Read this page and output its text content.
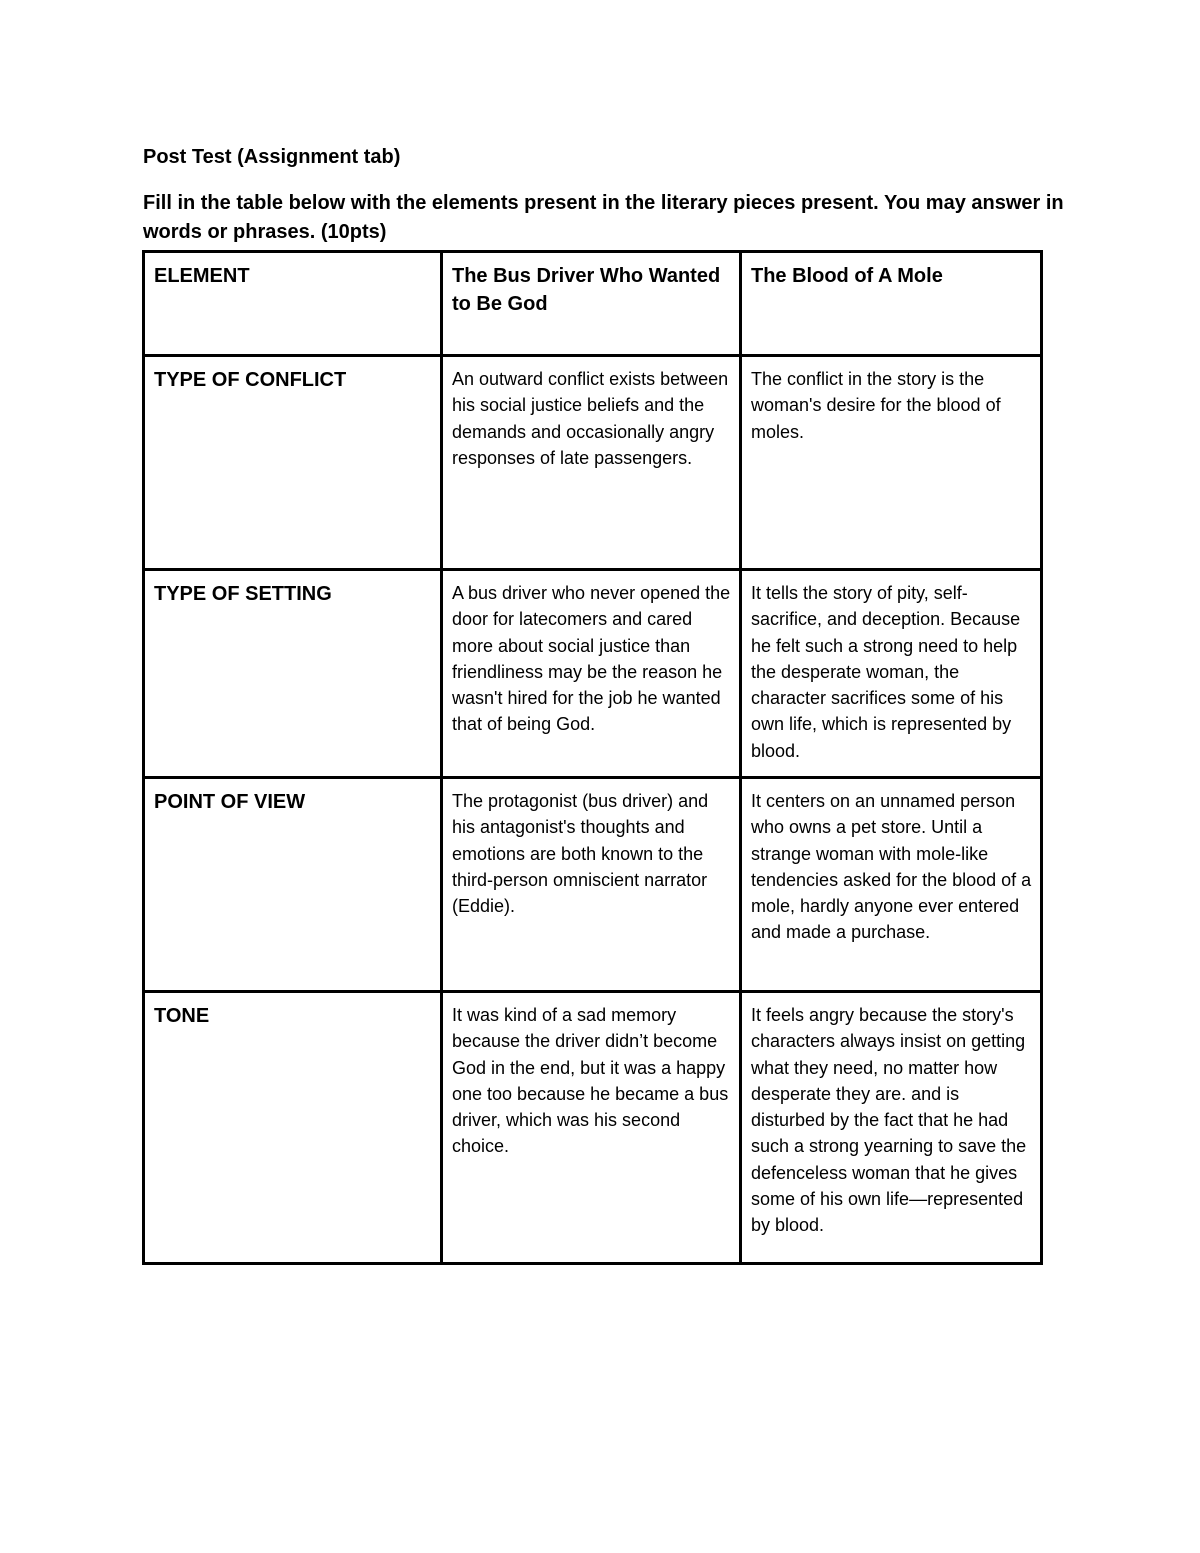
Post Test (Assignment tab)
Fill in the table below with the elements present in the literary pieces present. You may answer in words or phrases. (10pts)
ELEMENT	The Bus Driver Who Wanted to Be God	The Blood of A Mole
TYPE OF CONFLICT	An outward conflict exists between his social justice beliefs and the demands and occasionally angry responses of late passengers.	The conflict in the story is the woman's desire for the blood of moles.
TYPE OF SETTING	A bus driver who never opened the door for latecomers and cared more about social justice than friendliness may be the reason he wasn't hired for the job he wanted that of being God.	It tells the story of pity, self-sacrifice, and deception. Because he felt such a strong need to help the desperate woman, the character sacrifices some of his own life, which is represented by blood.
POINT OF VIEW	The protagonist (bus driver) and his antagonist's thoughts and emotions are both known to the third-person omniscient narrator (Eddie).	It centers on an unnamed person who owns a pet store. Until a strange woman with mole-like tendencies asked for the blood of a mole, hardly anyone ever entered and made a purchase.
TONE	It was kind of a sad memory because the driver didn’t become God in the end, but it was a happy one too because he became a bus driver, which was his second choice.	It feels angry because the story's characters always insist on getting what they need, no matter how desperate they are. and is disturbed by the fact that he had such a strong yearning to save the defenceless woman that he gives some of his own life—represented by blood.
